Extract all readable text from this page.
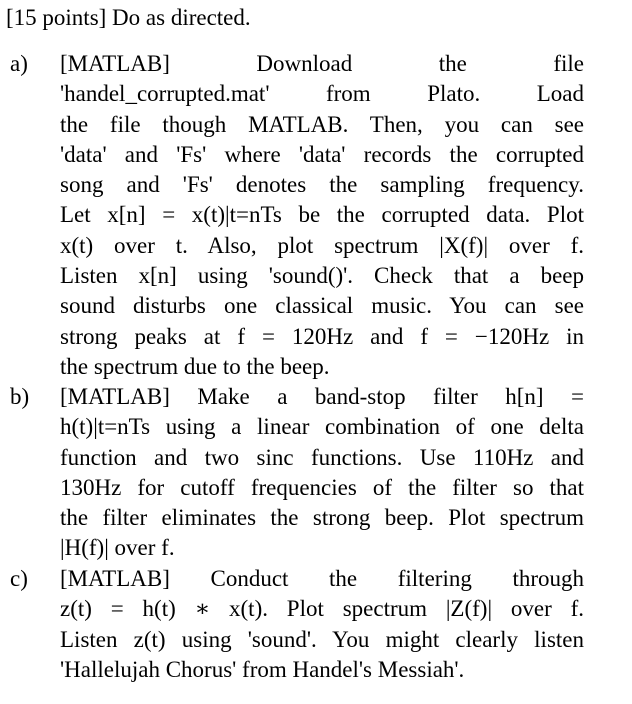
[15 points] Do as directed.
a)	[MATLAB] Download the file
'handel_corrupted.mat' from Plato. Load
the file though MATLAB. Then, you can see
'data' and 'Fs' where 'data' records the corrupted
song and 'Fs' denotes the sampling frequency.
Let x[n] = x(t)|t=nTs be the corrupted data. Plot
x(t) over t. Also, plot spectrum |X(f)| over f.
Listen x[n] using 'sound()'. Check that a beep
sound disturbs one classical music. You can see
strong peaks at f = 120Hz and f = −120Hz in
the spectrum due to the beep.
b)	[MATLAB] Make a band-stop filter h[n] =
h(t)|t=nTs using a linear combination of one delta
function and two sinc functions. Use 110Hz and
130Hz for cutoff frequencies of the filter so that
the filter eliminates the strong beep. Plot spectrum
|H(f)| over f.
c)	[MATLAB] Conduct the filtering through
z(t) = h(t) ∗ x(t). Plot spectrum |Z(f)| over f.
Listen z(t) using 'sound'. You might clearly listen
'Hallelujah Chorus' from Handel's Messiah'.
